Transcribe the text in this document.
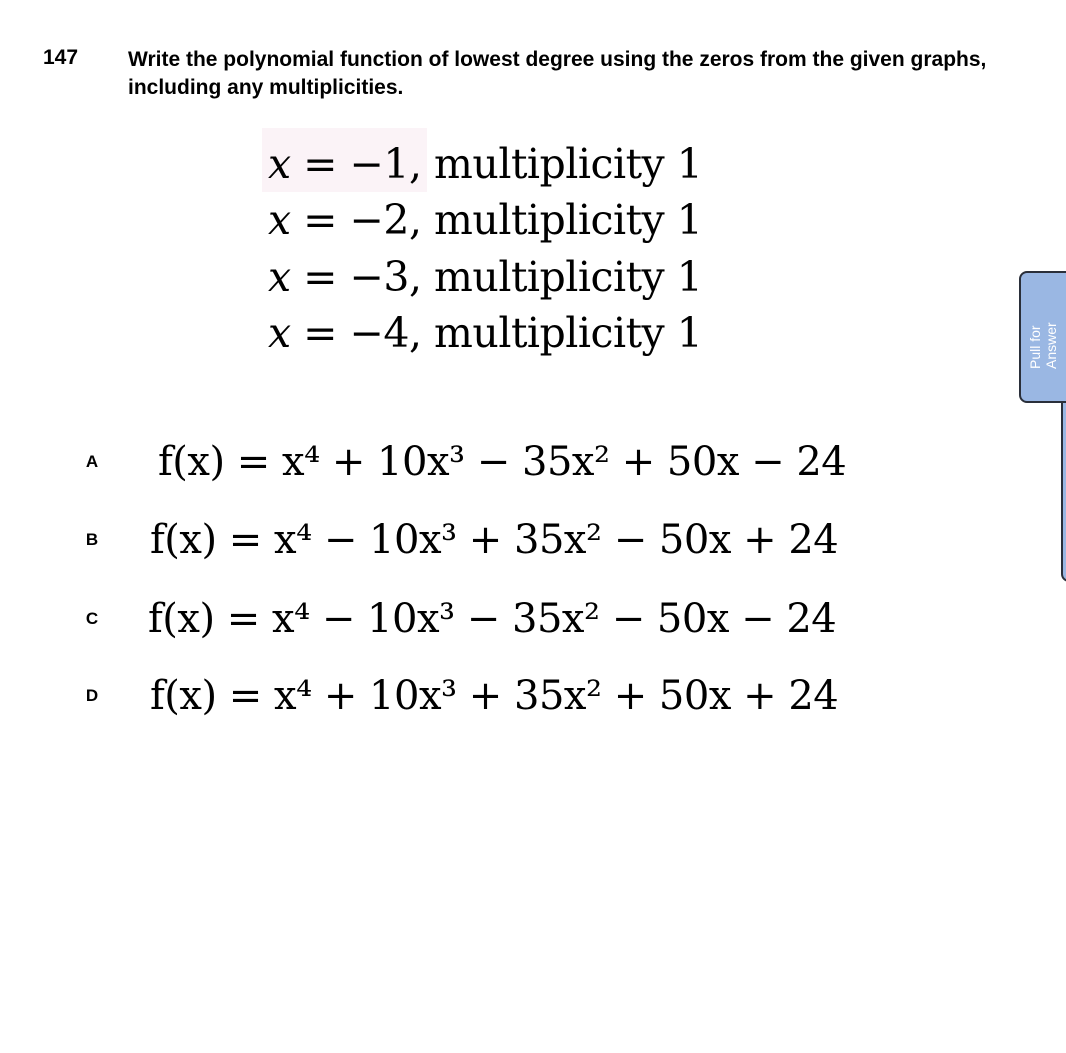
147 Write the polynomial function of lowest degree using the zeros from the given graphs,
including any multiplicities.
x = −1, multiplicity 1
x = −2, multiplicity 1
x = −3, multiplicity 1
x = −4, multiplicity 1
A f(x) = x⁴ + 10x³ − 35x² + 50x − 24
B f(x) = x⁴ − 10x³ + 35x² − 50x + 24
C f(x) = x⁴ − 10x³ − 35x² − 50x − 24
D f(x) = x⁴ + 10x³ + 35x² + 50x + 24
Pull for Answer
